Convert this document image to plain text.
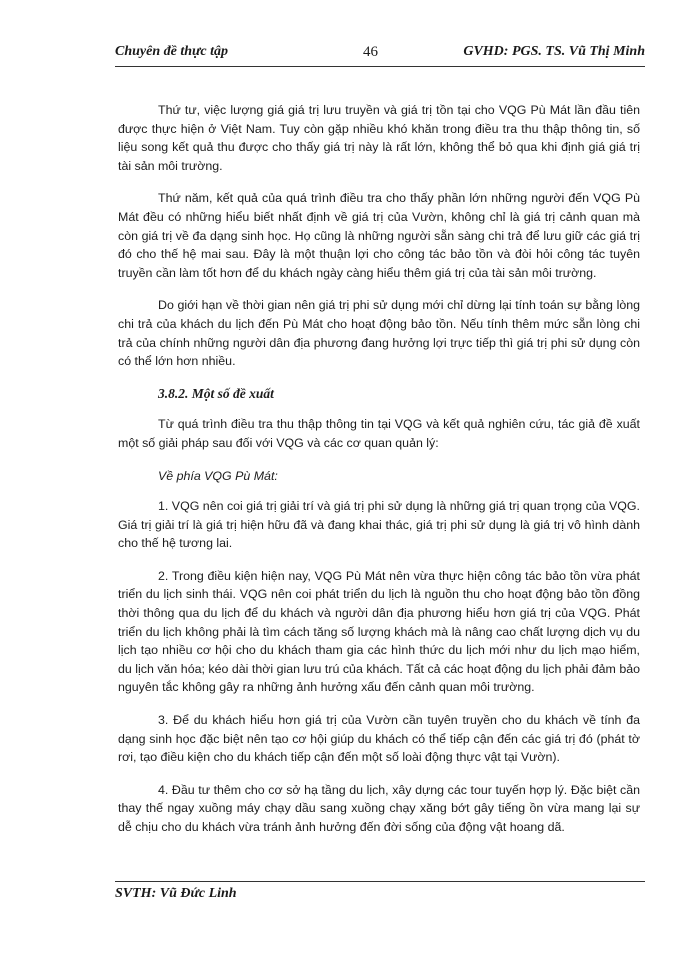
Chuyên đề thực tập	46	GVHD: PGS. TS. Vũ Thị Minh

Thứ tư, việc lượng giá giá trị lưu truyền và giá trị tồn tại cho VQG Pù Mát lần đầu tiên được thực hiện ở Việt Nam. Tuy còn gặp nhiều khó khăn trong điều tra thu thập thông tin, số liệu song kết quả thu được cho thấy giá trị này là rất lớn, không thể bỏ qua khi định giá giá trị tài sản môi trường.

Thứ năm, kết quả của quá trình điều tra cho thấy phần lớn những người đến VQG Pù Mát đều có những hiểu biết nhất định về giá trị của Vườn, không chỉ là giá trị cảnh quan mà còn giá trị về đa dạng sinh học. Họ cũng là những người sẵn sàng chi trả để lưu giữ các giá trị đó cho thế hệ mai sau. Đây là một thuận lợi cho công tác bảo tồn và đòi hỏi công tác tuyên truyền cần làm tốt hơn để du khách ngày càng hiểu thêm giá trị của tài sản môi trường.

Do giới hạn về thời gian nên giá trị phi sử dụng mới chỉ dừng lại tính toán sự bằng lòng chi trả của khách du lịch đến Pù Mát cho hoạt động bảo tồn. Nếu tính thêm mức sẵn lòng chi trả của chính những người dân địa phương đang hưởng lợi trực tiếp thì giá trị phi sử dụng còn có thể lớn hơn nhiều.

3.8.2. Một số đề xuất

Từ quá trình điều tra thu thập thông tin tại VQG và kết quả nghiên cứu, tác giả đề xuất một số giải pháp sau đối với VQG và các cơ quan quản lý:

Về phía VQG Pù Mát:

1. VQG nên coi giá trị giải trí và giá trị phi sử dụng là những giá trị quan trọng của VQG. Giá trị giải trí là giá trị hiện hữu đã và đang khai thác, giá trị phi sử dụng là giá trị vô hình dành cho thế hệ tương lai.

2. Trong điều kiện hiện nay, VQG Pù Mát nên vừa thực hiện công tác bảo tồn vừa phát triển du lịch sinh thái. VQG nên coi phát triển du lịch là nguồn thu cho hoạt động bảo tồn đồng thời thông qua du lịch để du khách và người dân địa phương hiểu hơn giá trị của VQG. Phát triển du lịch không phải là tìm cách tăng số lượng khách mà là nâng cao chất lượng dịch vụ du lịch tạo nhiều cơ hội cho du khách tham gia các hình thức du lịch mới như du lịch mạo hiểm, du lịch văn hóa; kéo dài thời gian lưu trú của khách. Tất cả các hoạt động du lịch phải đảm bảo nguyên tắc không gây ra những ảnh hưởng xấu đến cảnh quan môi trường.

3. Để du khách hiểu hơn giá trị của Vườn cần tuyên truyền cho du khách về tính đa dạng sinh học đặc biệt nên tạo cơ hội giúp du khách có thể tiếp cận đến các giá trị đó (phát tờ rơi, tạo điều kiện cho du khách tiếp cận đến một số loài động thực vật tại Vườn).

4. Đầu tư thêm cho cơ sở hạ tầng du lịch, xây dựng các tour tuyến hợp lý. Đặc biệt cần thay thế ngay xuồng máy chạy dầu sang xuồng chạy xăng bớt gây tiếng ồn vừa mang lại sự dễ chịu cho du khách vừa tránh ảnh hưởng đến đời sống của động vật hoang dã.

SVTH: Vũ Đức Linh
